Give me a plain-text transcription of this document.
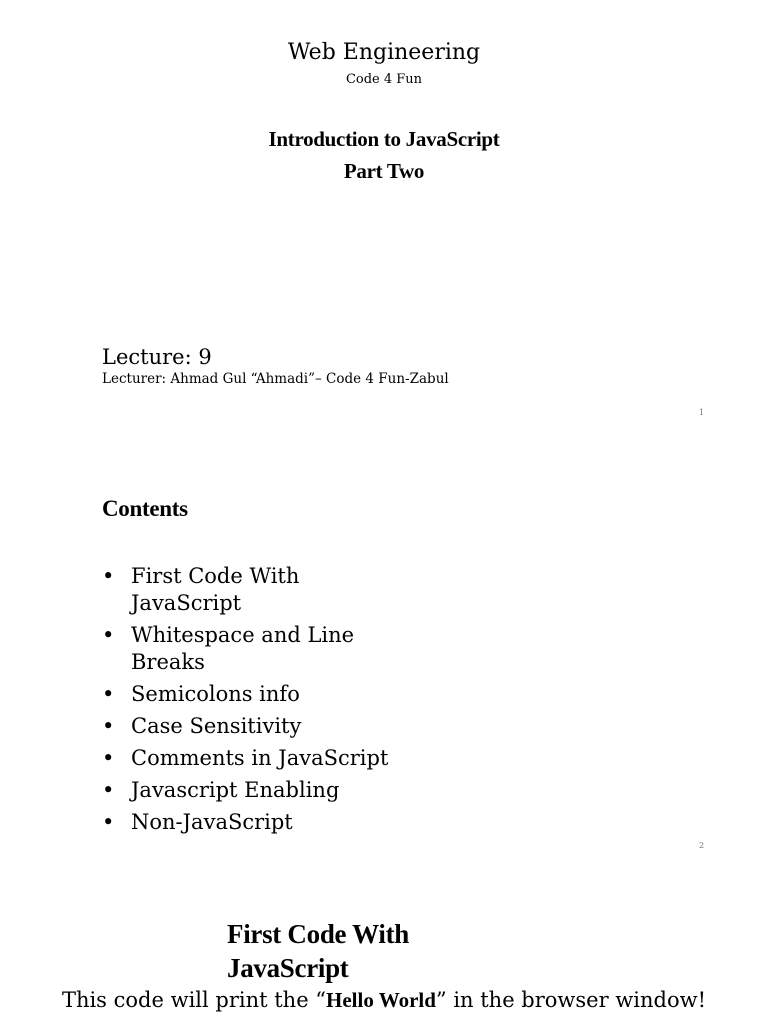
Web Engineering

Code 4 Fun

Introduction to JavaScript

Part Two

Lecture: 9

Lecturer: Ahmad Gul “Ahmadi”– Code 4 Fun-Zabul

1
Contents
• First Code With JavaScript
• Whitespace and Line Breaks
• Semicolons info
• Case Sensitivity
• Comments in JavaScript
• Javascript Enabling
• Non-JavaScript
2
First Code With JavaScript

This code will print the “Hello World” in the browser window!
